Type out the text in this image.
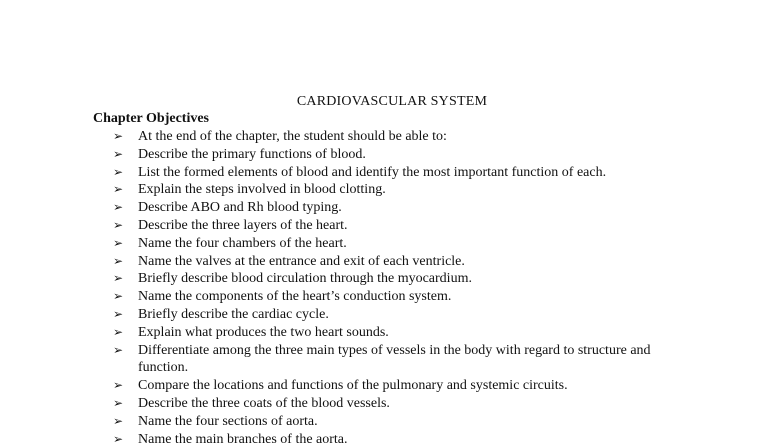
CARDIOVASCULAR SYSTEM
Chapter Objectives
➢ At the end of the chapter, the student should be able to:
➢ Describe the primary functions of blood.
➢ List the formed elements of blood and identify the most important function of each.
➢ Explain the steps involved in blood clotting.
➢ Describe ABO and Rh blood typing.
➢ Describe the three layers of the heart.
➢ Name the four chambers of the heart.
➢ Name the valves at the entrance and exit of each ventricle.
➢ Briefly describe blood circulation through the myocardium.
➢ Name the components of the heart’s conduction system.
➢ Briefly describe the cardiac cycle.
➢ Explain what produces the two heart sounds.
➢ Differentiate among the three main types of vessels in the body with regard to structure and function.
➢ Compare the locations and functions of the pulmonary and systemic circuits.
➢ Describe the three coats of the blood vessels.
➢ Name the four sections of aorta.
➢ Name the main branches of the aorta.
